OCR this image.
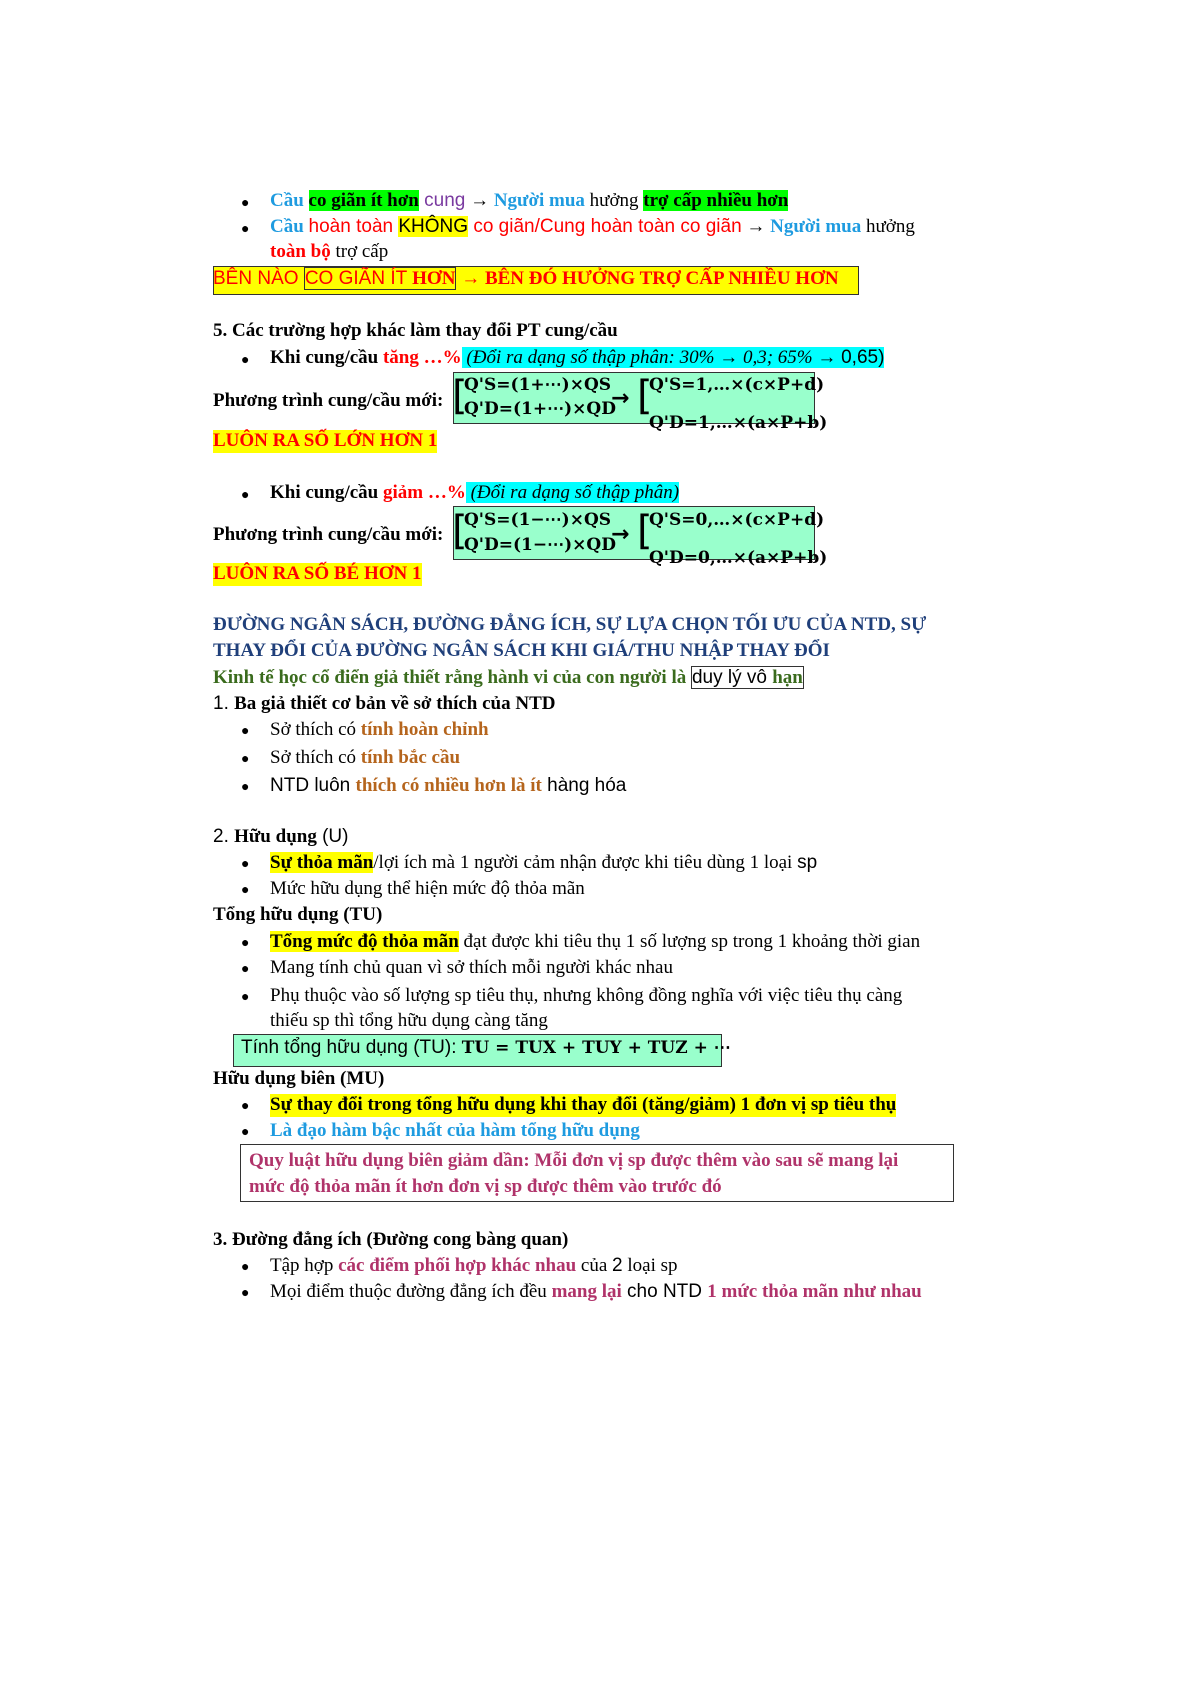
● Cầu co giãn ít hơn cung → Người mua hưởng trợ cấp nhiều hơn
● Cầu hoàn toàn KHÔNG co giãn/Cung hoàn toàn co giãn → Người mua hưởng
toàn bộ trợ cấp
BÊN NÀO CO GIÃN ÍT HƠN → BÊN ĐÓ HƯỞNG TRỢ CẤP NHIỀU HƠN
5. Các trường hợp khác làm thay đổi PT cung/cầu
● Khi cung/cầu tăng …% (Đổi ra dạng số thập phân: 30% → 0,3; 65% → 0,65)
Phương trình cung/cầu mới: [
Q'S=(1+⋯)×QS
Q'D=(1+⋯)×QD
→ [
Q'S=1,…×(c×P+d)
Q'D=1,…×(a×P+b)
LUÔN RA SỐ LỚN HƠN 1
● Khi cung/cầu giảm …% (Đổi ra dạng số thập phân)
Phương trình cung/cầu mới: [
Q'S=(1−⋯)×QS
Q'D=(1−⋯)×QD
→ [
Q'S=0,…×(c×P+d)
Q'D=0,…×(a×P+b)
LUÔN RA SỐ BÉ HƠN 1
ĐƯỜNG NGÂN SÁCH, ĐƯỜNG ĐẲNG ÍCH, SỰ LỰA CHỌN TỐI ƯU CỦA NTD, SỰ
THAY ĐỔI CỦA ĐƯỜNG NGÂN SÁCH KHI GIÁ/THU NHẬP THAY ĐỔI
Kinh tế học cổ điển giả thiết rằng hành vi của con người là duy lý vô hạn
1. Ba giả thiết cơ bản về sở thích của NTD
● Sở thích có tính hoàn chỉnh
● Sở thích có tính bắc cầu
● NTD luôn thích có nhiều hơn là ít hàng hóa
2. Hữu dụng (U)
● Sự thỏa mãn/lợi ích mà 1 người cảm nhận được khi tiêu dùng 1 loại sp
● Mức hữu dụng thể hiện mức độ thỏa mãn
Tổng hữu dụng (TU)
● Tổng mức độ thỏa mãn đạt được khi tiêu thụ 1 số lượng sp trong 1 khoảng thời gian
● Mang tính chủ quan vì sở thích mỗi người khác nhau
● Phụ thuộc vào số lượng sp tiêu thụ, nhưng không đồng nghĩa với việc tiêu thụ càng
thiếu sp thì tổng hữu dụng càng tăng
Tính tổng hữu dụng (TU): TU = TUX + TUY + TUZ + ⋯
Hữu dụng biên (MU)
● Sự thay đổi trong tổng hữu dụng khi thay đổi (tăng/giảm) 1 đơn vị sp tiêu thụ
● Là đạo hàm bậc nhất của hàm tổng hữu dụng
Quy luật hữu dụng biên giảm dần: Mỗi đơn vị sp được thêm vào sau sẽ mang lại
mức độ thỏa mãn ít hơn đơn vị sp được thêm vào trước đó
3. Đường đẳng ích (Đường cong bàng quan)
● Tập hợp các điểm phối hợp khác nhau của 2 loại sp
● Mọi điểm thuộc đường đẳng ích đều mang lại cho NTD 1 mức thỏa mãn như nhau
